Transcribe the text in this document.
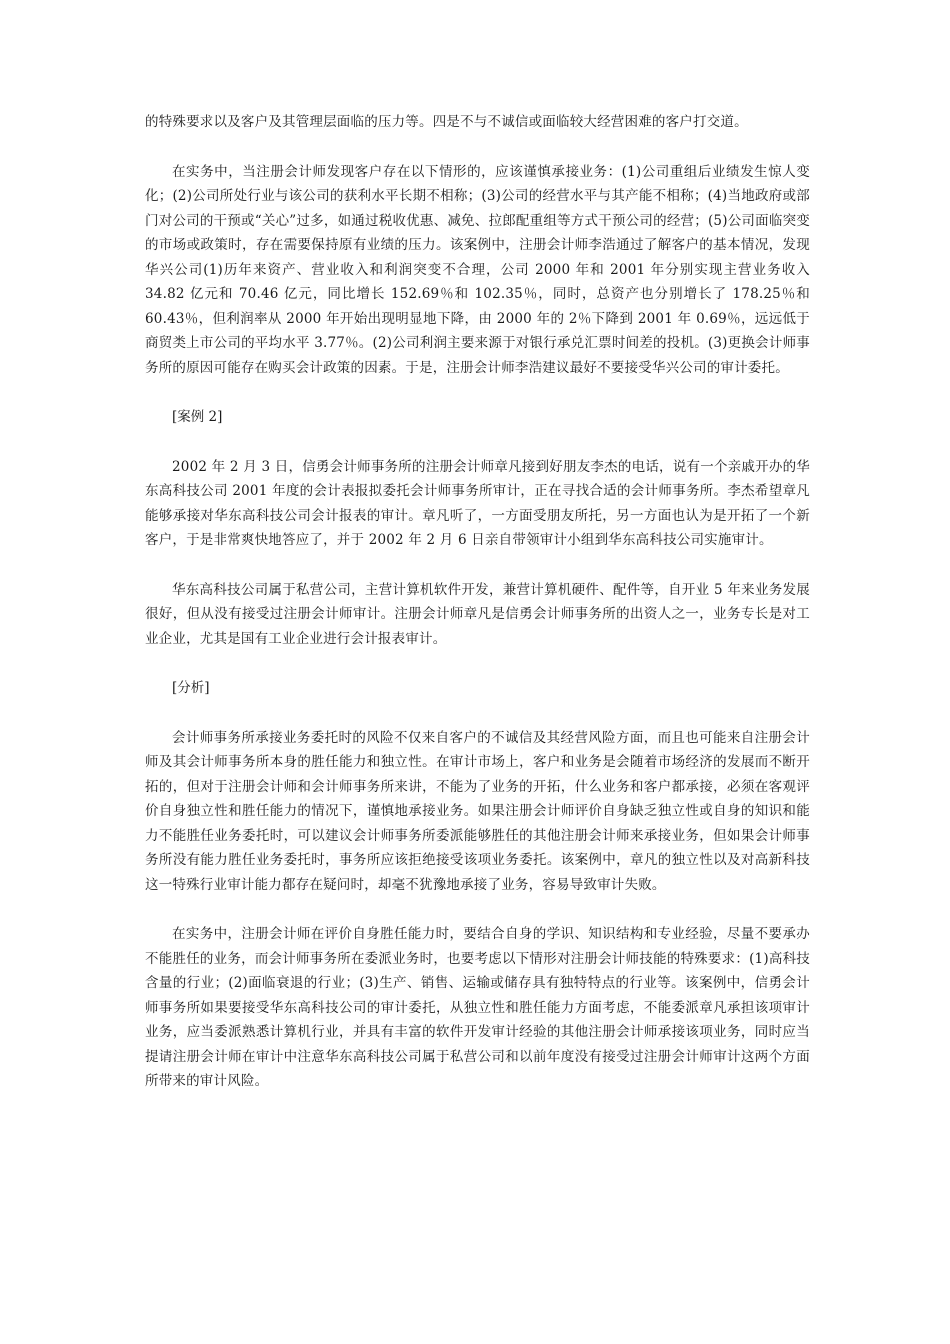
的特殊要求以及客户及其管理层面临的压力等。四是不与不诚信或面临较大经营困难的客户打交道。

在实务中，当注册会计师发现客户存在以下情形的，应该谨慎承接业务：(1)公司重组后业绩发生惊人变化；(2)公司所处行业与该公司的获利水平长期不相称；(3)公司的经营水平与其产能不相称；(4)当地政府或部门对公司的干预或“关心”过多，如通过税收优惠、减免、拉郎配重组等方式干预公司的经营；(5)公司面临突变的市场或政策时，存在需要保持原有业绩的压力。该案例中，注册会计师李浩通过了解客户的基本情况，发现华兴公司(1)历年来资产、营业收入和利润突变不合理，公司 2000 年和 2001 年分别实现主营业务收入 34.82 亿元和 70.46 亿元，同比增长 152.69％和 102.35％，同时，总资产也分别增长了 178.25％和 60.43％，但利润率从 2000 年开始出现明显地下降，由 2000 年的 2％下降到 2001 年 0.69％，远远低于商贸类上市公司的平均水平 3.77％。(2)公司利润主要来源于对银行承兑汇票时间差的投机。(3)更换会计师事务所的原因可能存在购买会计政策的因素。于是，注册会计师李浩建议最好不要接受华兴公司的审计委托。

[案例 2]

2002 年 2 月 3 日，信勇会计师事务所的注册会计师章凡接到好朋友李杰的电话，说有一个亲戚开办的华东高科技公司 2001 年度的会计表报拟委托会计师事务所审计，正在寻找合适的会计师事务所。李杰希望章凡能够承接对华东高科技公司会计报表的审计。章凡听了，一方面受朋友所托，另一方面也认为是开拓了一个新客户，于是非常爽快地答应了，并于 2002 年 2 月 6 日亲自带领审计小组到华东高科技公司实施审计。

华东高科技公司属于私营公司，主营计算机软件开发，兼营计算机硬件、配件等，自开业 5 年来业务发展很好，但从没有接受过注册会计师审计。注册会计师章凡是信勇会计师事务所的出资人之一，业务专长是对工业企业，尤其是国有工业企业进行会计报表审计。

[分析]

会计师事务所承接业务委托时的风险不仅来自客户的不诚信及其经营风险方面，而且也可能来自注册会计师及其会计师事务所本身的胜任能力和独立性。在审计市场上，客户和业务是会随着市场经济的发展而不断开拓的，但对于注册会计师和会计师事务所来讲，不能为了业务的开拓，什么业务和客户都承接，必须在客观评价自身独立性和胜任能力的情况下，谨慎地承接业务。如果注册会计师评价自身缺乏独立性或自身的知识和能力不能胜任业务委托时，可以建议会计师事务所委派能够胜任的其他注册会计师来承接业务，但如果会计师事务所没有能力胜任业务委托时，事务所应该拒绝接受该项业务委托。该案例中，章凡的独立性以及对高新科技这一特殊行业审计能力都存在疑问时，却毫不犹豫地承接了业务，容易导致审计失败。

在实务中，注册会计师在评价自身胜任能力时，要结合自身的学识、知识结构和专业经验，尽量不要承办不能胜任的业务，而会计师事务所在委派业务时，也要考虑以下情形对注册会计师技能的特殊要求：(1)高科技含量的行业；(2)面临衰退的行业；(3)生产、销售、运输或储存具有独特特点的行业等。该案例中，信勇会计师事务所如果要接受华东高科技公司的审计委托，从独立性和胜任能力方面考虑，不能委派章凡承担该项审计业务，应当委派熟悉计算机行业，并具有丰富的软件开发审计经验的其他注册会计师承接该项业务，同时应当提请注册会计师在审计中注意华东高科技公司属于私营公司和以前年度没有接受过注册会计师审计这两个方面所带来的审计风险。
